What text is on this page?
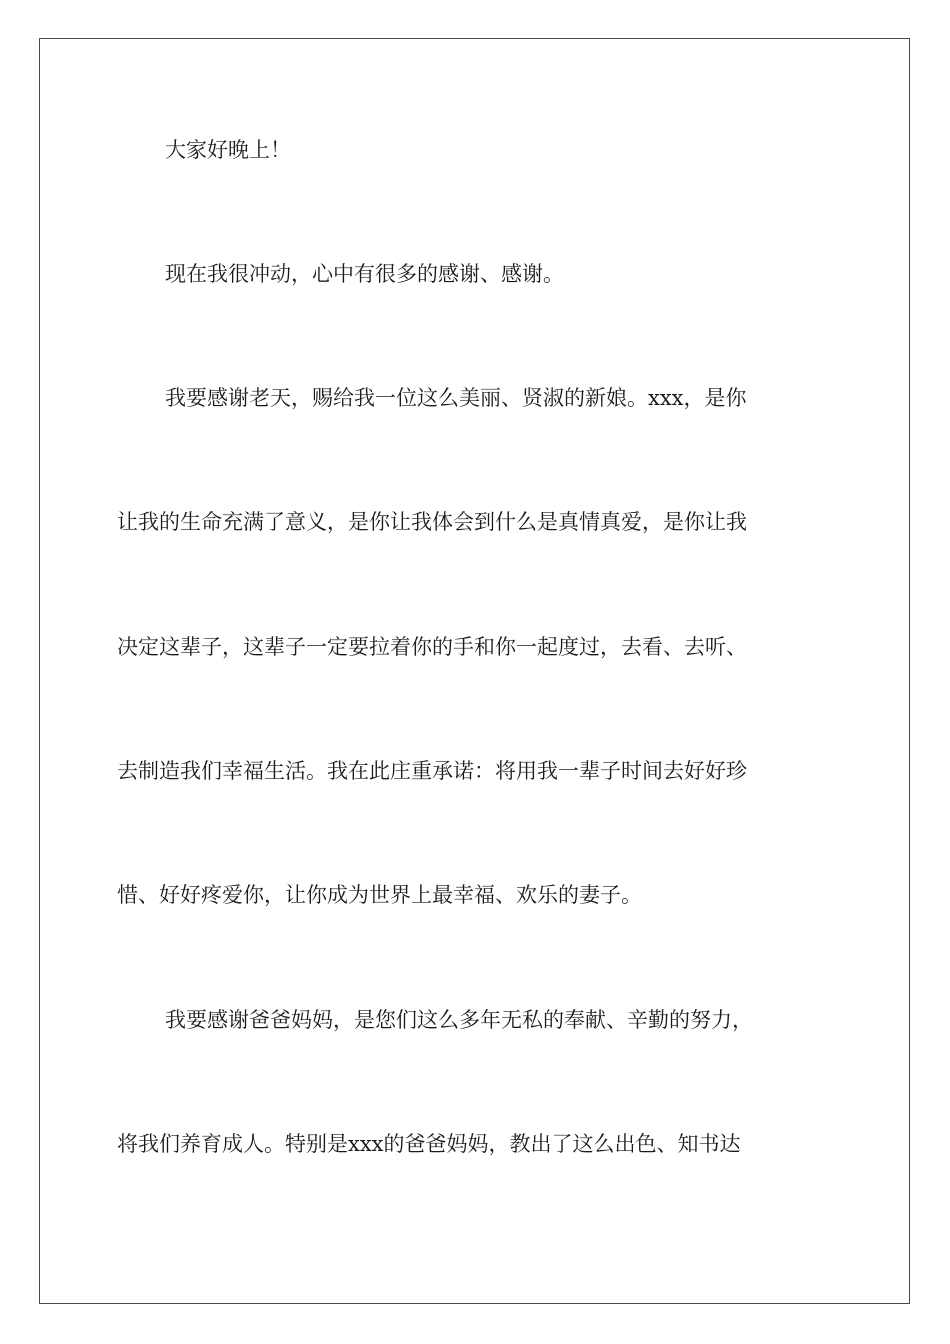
大家好晚上！
现在我很冲动，心中有很多的感谢、感谢。
我要感谢老天，赐给我一位这么美丽、贤淑的新娘。xxx，是你
让我的生命充满了意义，是你让我体会到什么是真情真爱，是你让我
决定这辈子，这辈子一定要拉着你的手和你一起度过，去看、去听、
去制造我们幸福生活。我在此庄重承诺：将用我一辈子时间去好好珍
惜、好好疼爱你，让你成为世界上最幸福、欢乐的妻子。
我要感谢爸爸妈妈，是您们这么多年无私的奉献、辛勤的努力，
将我们养育成人。特别是xxx的爸爸妈妈，教出了这么出色、知书达
